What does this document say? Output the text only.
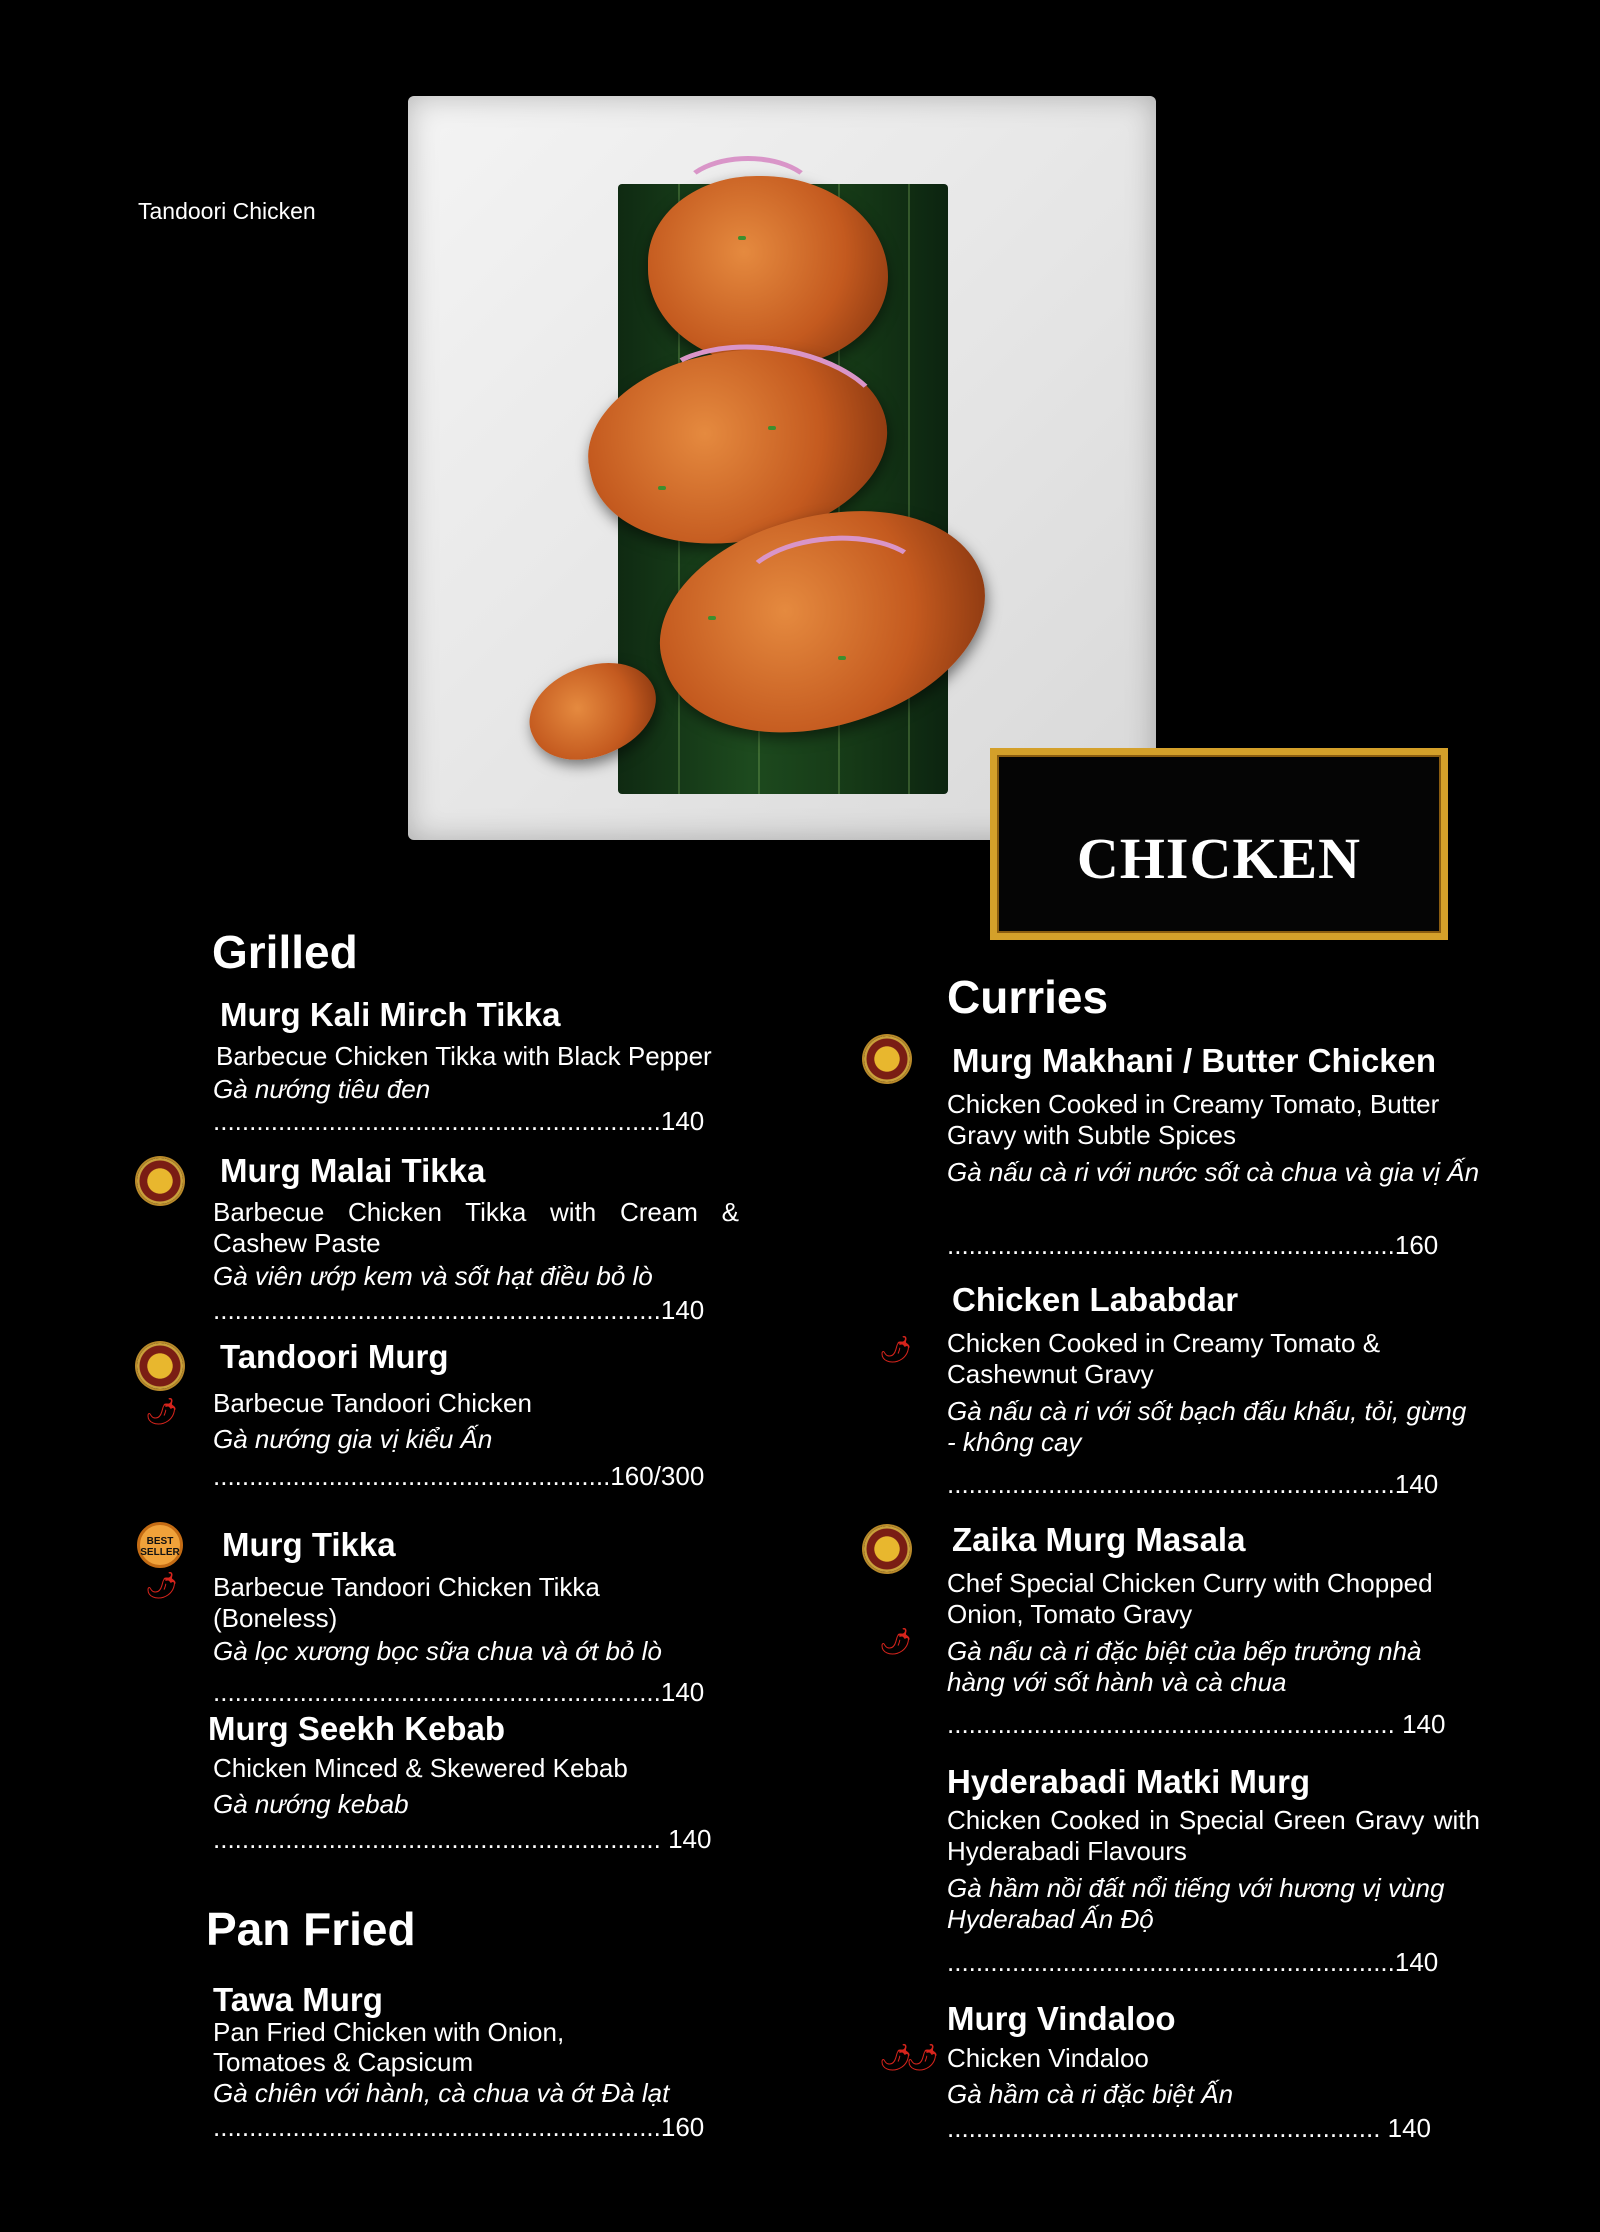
Tandoori Chicken
CHICKEN
Grilled
Murg Kali Mirch Tikka
Barbecue Chicken Tikka with Black Pepper
Gà nướng tiêu đen
..............................................................140
Murg Malai Tikka
Barbecue Chicken Tikka with Cream & Cashew Paste
Gà viên ướp kem và sốt hạt điều bỏ lò
..............................................................140
🌶
Tandoori Murg
Barbecue Tandoori Chicken
Gà nướng gia vị kiểu Ấn
.......................................................160/300
BEST SELLER
🌶
Murg Tikka
Barbecue Tandoori Chicken Tikka (Boneless)
Gà lọc xương bọc sữa chua và ớt bỏ lò
..............................................................140
Murg Seekh Kebab
Chicken Minced & Skewered Kebab
Gà nướng kebab
.............................................................. 140
Pan Fried
Tawa Murg
Pan Fried Chicken with Onion, Tomatoes & Capsicum
Gà chiên với hành, cà chua và ớt Đà lạt
..............................................................160
Curries
Murg Makhani / Butter Chicken
Chicken Cooked in Creamy Tomato, Butter Gravy with Subtle Spices
Gà nấu cà ri với nước sốt cà chua và gia vị Ấn
..............................................................160
🌶
Chicken Lababdar
Chicken Cooked in Creamy Tomato & Cashewnut Gravy
Gà nấu cà ri với sốt bạch đấu khấu, tỏi, gừng - không cay
..............................................................140
🌶
Zaika Murg Masala
Chef Special Chicken Curry with Chopped Onion, Tomato Gravy
Gà nấu cà ri đặc biệt của bếp trưởng nhà hàng với sốt hành và cà chua
.............................................................. 140
Hyderabadi Matki Murg
Chicken Cooked in Special Green Gravy with Hyderabadi Flavours
Gà hầm nồi đất nổi tiếng với hương vị vùng Hyderabad Ấn Độ
..............................................................140
🌶🌶
Murg Vindaloo
Chicken Vindaloo
Gà hầm cà ri đặc biệt Ấn
............................................................ 140
